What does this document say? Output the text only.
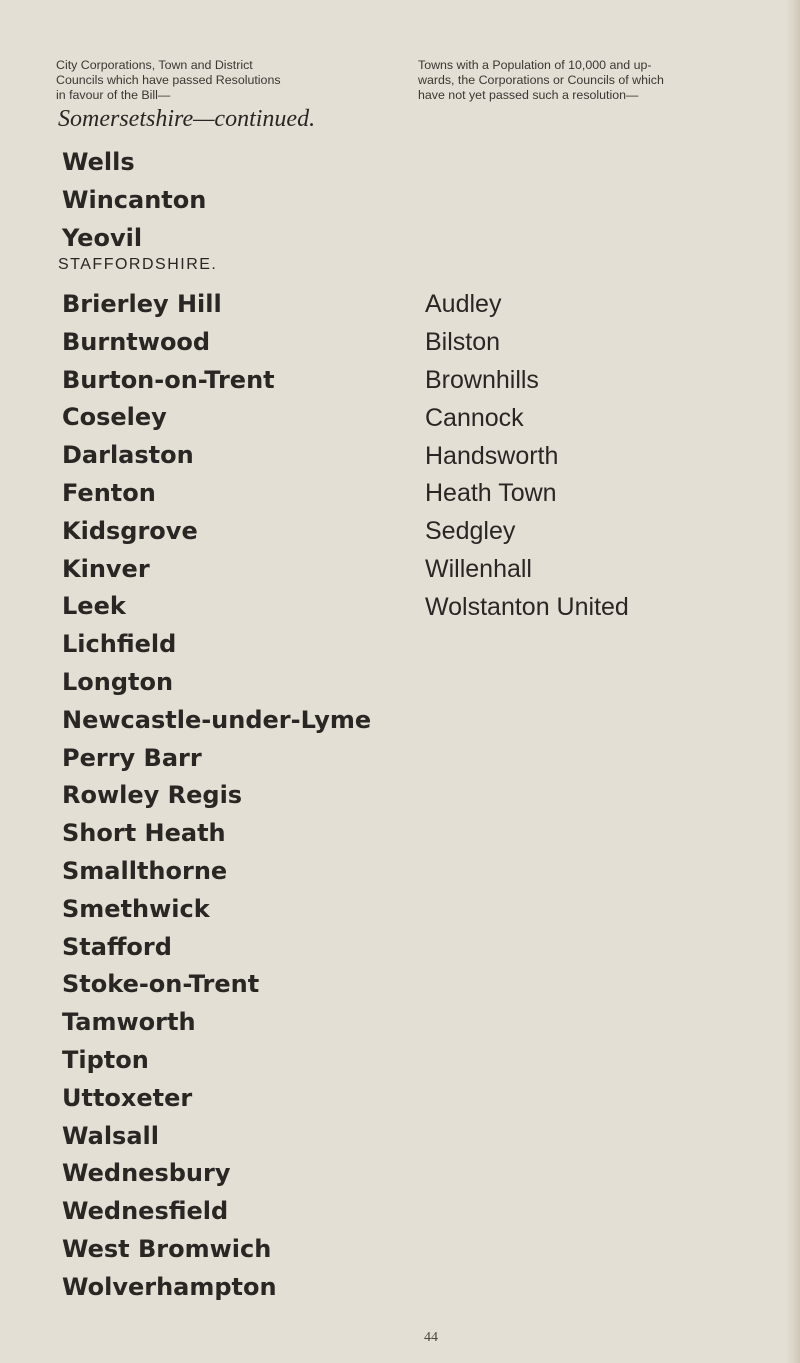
City Corporations, Town and District
Councils which have passed Resolutions
in favour of the Bill—
Towns with a Population of 10,000 and up-
wards, the Corporations or Councils of which
have not yet passed such a resolution—
Somersetshire—continued.
Wells
Wincanton
Yeovil
STAFFORDSHIRE.
Brierley Hill
Burntwood
Burton-on-Trent
Coseley
Darlaston
Fenton
Kidsgrove
Kinver
Leek
Lichfield
Longton
Newcastle-under-Lyme
Perry Barr
Rowley Regis
Short Heath
Smallthorne
Smethwick
Stafford
Stoke-on-Trent
Tamworth
Tipton
Uttoxeter
Walsall
Wednesbury
Wednesfield
West Bromwich
Wolverhampton
Audley
Bilston
Brownhills
Cannock
Handsworth
Heath Town
Sedgley
Willenhall
Wolstanton United
44
